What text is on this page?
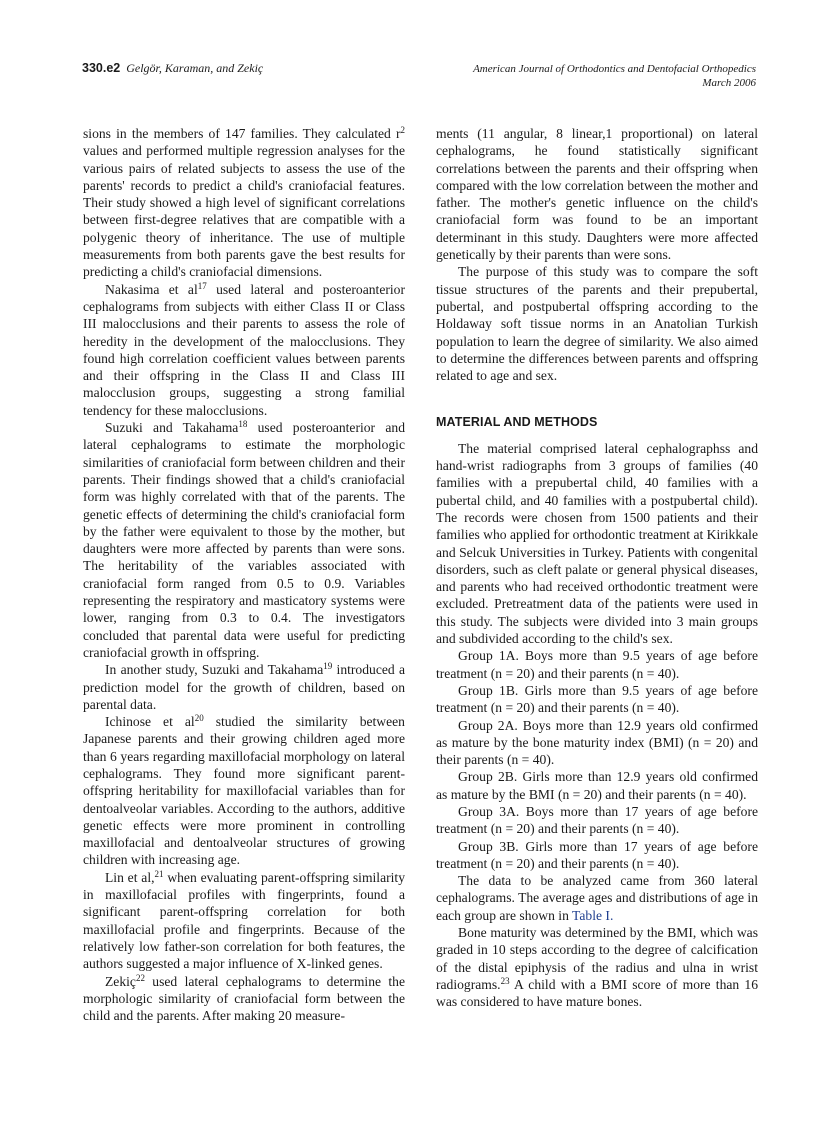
330.e2 Gelgör, Karaman, and Zekiç	American Journal of Orthodontics and Dentofacial Orthopedics
March 2006

sions in the members of 147 families. They calculated $r^2$ values and performed multiple regression analyses for the various pairs of related subjects to assess the use of the parents' records to predict a child's craniofacial features. Their study showed a high level of significant correlations between first-degree relatives that are compatible with a polygenic theory of inheritance. The use of multiple measurements from both parents gave the best results for predicting a child's craniofacial dimensions.

Nakasima et $al^{17}$ used lateral and posteroanterior cephalograms from subjects with either Class II or Class III malocclusions and their parents to assess the role of heredity in the development of the malocclusions. They found high correlation coefficient values between parents and their offspring in the Class II and Class III malocclusion groups, suggesting a strong familial tendency for these malocclusions.

Suzuki and Takahama$^{18}$ used posteroanterior and lateral cephalograms to estimate the morphologic similarities of craniofacial form between children and their parents. Their findings showed that a child's craniofacial form was highly correlated with that of the parents. The genetic effects of determining the child's craniofacial form by the father were equivalent to those by the mother, but daughters were more affected by parents than were sons. The heritability of the variables associated with craniofacial form ranged from 0.5 to 0.9. Variables representing the respiratory and masticatory systems were lower, ranging from 0.3 to 0.4. The investigators concluded that parental data were useful for predicting craniofacial growth in offspring.

In another study, Suzuki and Takahama$^{19}$ introduced a prediction model for the growth of children, based on parental data.

Ichinose et $al^{20}$ studied the similarity between Japanese parents and their growing children aged more than 6 years regarding maxillofacial morphology on lateral cephalograms. They found more significant parent-offspring heritability for maxillofacial variables than for dentoalveolar variables. According to the authors, additive genetic effects were more prominent in controlling maxillofacial and dentoalveolar structures of growing children with increasing age.

Lin et al,$^{21}$ when evaluating parent-offspring similarity in maxillofacial profiles with fingerprints, found a significant parent-offspring correlation for both maxillofacial profile and fingerprints. Because of the relatively low father-son correlation for both features, the authors suggested a major influence of X-linked genes.

Zekiç$^{22}$ used lateral cephalograms to determine the morphologic similarity of craniofacial form between the child and the parents. After making 20 measure-

ments (11 angular, 8 linear,1 proportional) on lateral cephalograms, he found statistically significant correlations between the parents and their offspring when compared with the low correlation between the mother and father. The mother's genetic influence on the child's craniofacial form was found to be an important determinant in this study. Daughters were more affected genetically by their parents than were sons.

The purpose of this study was to compare the soft tissue structures of the parents and their prepubertal, pubertal, and postpubertal offspring according to the Holdaway soft tissue norms in an Anatolian Turkish population to learn the degree of similarity. We also aimed to determine the differences between parents and offspring related to age and sex.

MATERIAL AND METHODS

The material comprised lateral cephalographss and hand-wrist radiographs from 3 groups of families (40 families with a prepubertal child, 40 families with a pubertal child, and 40 families with a postpubertal child). The records were chosen from 1500 patients and their families who applied for orthodontic treatment at Kirikkale and Selcuk Universities in Turkey. Patients with congenital disorders, such as cleft palate or general physical diseases, and parents who had received orthodontic treatment were excluded. Pretreatment data of the patients were used in this study. The subjects were divided into 3 main groups and subdivided according to the child's sex.

Group 1A. Boys more than 9.5 years of age before treatment (n = 20) and their parents (n = 40).

Group 1B. Girls more than 9.5 years of age before treatment (n = 20) and their parents (n = 40).

Group 2A. Boys more than 12.9 years old confirmed as mature by the bone maturity index (BMI) (n = 20) and their parents (n = 40).

Group 2B. Girls more than 12.9 years old confirmed as mature by the BMI (n = 20) and their parents (n = 40).

Group 3A. Boys more than 17 years of age before treatment (n = 20) and their parents (n = 40).

Group 3B. Girls more than 17 years of age before treatment (n = 20) and their parents (n = 40).

The data to be analyzed came from 360 lateral cephalograms. The average ages and distributions of age in each group are shown in Table I.

Bone maturity was determined by the BMI, which was graded in 10 steps according to the degree of calcification of the distal epiphysis of the radius and ulna in wrist radiograms.$^{23}$ A child with a BMI score of more than 16 was considered to have mature bones.
